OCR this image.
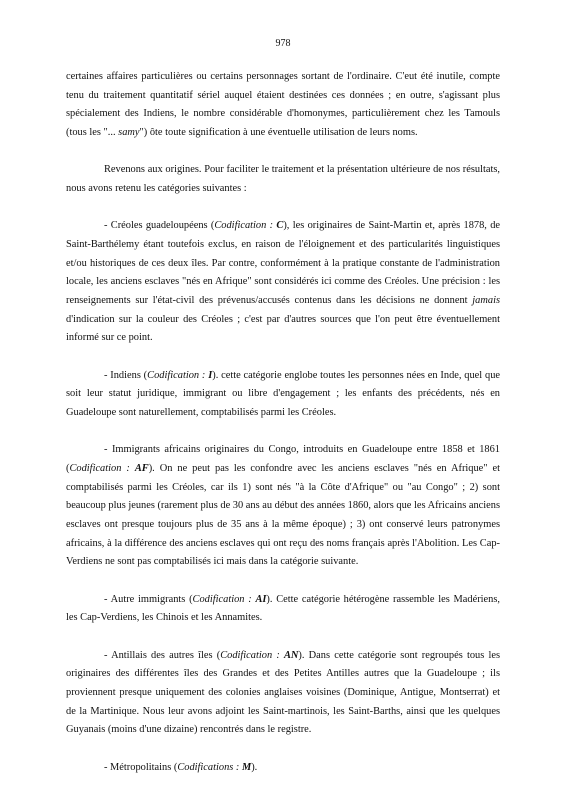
978

certaines affaires particulières ou certains personnages sortant de l'ordinaire. C'eut été inutile, compte tenu du traitement quantitatif sériel auquel étaient destinées ces données ; en outre, s'agissant plus spécialement des Indiens, le nombre considérable d'homonymes, particulièrement chez les Tamouls (tous les "... samy") ôte toute signification à une éventuelle utilisation de leurs noms.

Revenons aux origines. Pour faciliter le traitement et la présentation ultérieure de nos résultats, nous avons retenu les catégories suivantes :

- Créoles guadeloupéens (Codification : C), les originaires de Saint-Martin et, après 1878, de Saint-Barthélemy étant toutefois exclus, en raison de l'éloignement et des particularités linguistiques et/ou historiques de ces deux îles. Par contre, conformément à la pratique constante de l'administration locale, les anciens esclaves "nés en Afrique" sont considérés ici comme des Créoles. Une précision : les renseignements sur l'état-civil des prévenus/accusés contenus dans les décisions ne donnent jamais d'indication sur la couleur des Créoles ; c'est par d'autres sources que l'on peut être éventuellement informé sur ce point.

- Indiens (Codification : I). cette catégorie englobe toutes les personnes nées en Inde, quel que soit leur statut juridique, immigrant ou libre d'engagement ; les enfants des précédents, nés en Guadeloupe sont naturellement, comptabilisés parmi les Créoles.

- Immigrants africains originaires du Congo, introduits en Guadeloupe entre 1858 et 1861 (Codification : AF). On ne peut pas les confondre avec les anciens esclaves "nés en Afrique" et comptabilisés parmi les Créoles, car ils 1) sont nés "à la Côte d'Afrique" ou "au Congo" ; 2) sont beaucoup plus jeunes (rarement plus de 30 ans au début des années 1860, alors que les Africains anciens esclaves ont presque toujours plus de 35 ans à la même époque) ; 3) ont conservé leurs patronymes africains, à la différence des anciens esclaves qui ont reçu des noms français après l'Abolition. Les Cap-Verdiens ne sont pas comptabilisés ici mais dans la catégorie suivante.

- Autre immigrants (Codification : AI). Cette catégorie hétérogène rassemble les Madériens, les Cap-Verdiens, les Chinois et les Annamites.

- Antillais des autres îles (Codification : AN). Dans cette catégorie sont regroupés tous les originaires des différentes îles des Grandes et des Petites Antilles autres que la Guadeloupe ; ils proviennent presque uniquement des colonies anglaises voisines (Dominique, Antigue, Montserrat) et de la Martinique. Nous leur avons adjoint les Saint-martinois, les Saint-Barths, ainsi que les quelques Guyanais (moins d'une dizaine) rencontrés dans le registre.

- Métropolitains (Codifications : M).
